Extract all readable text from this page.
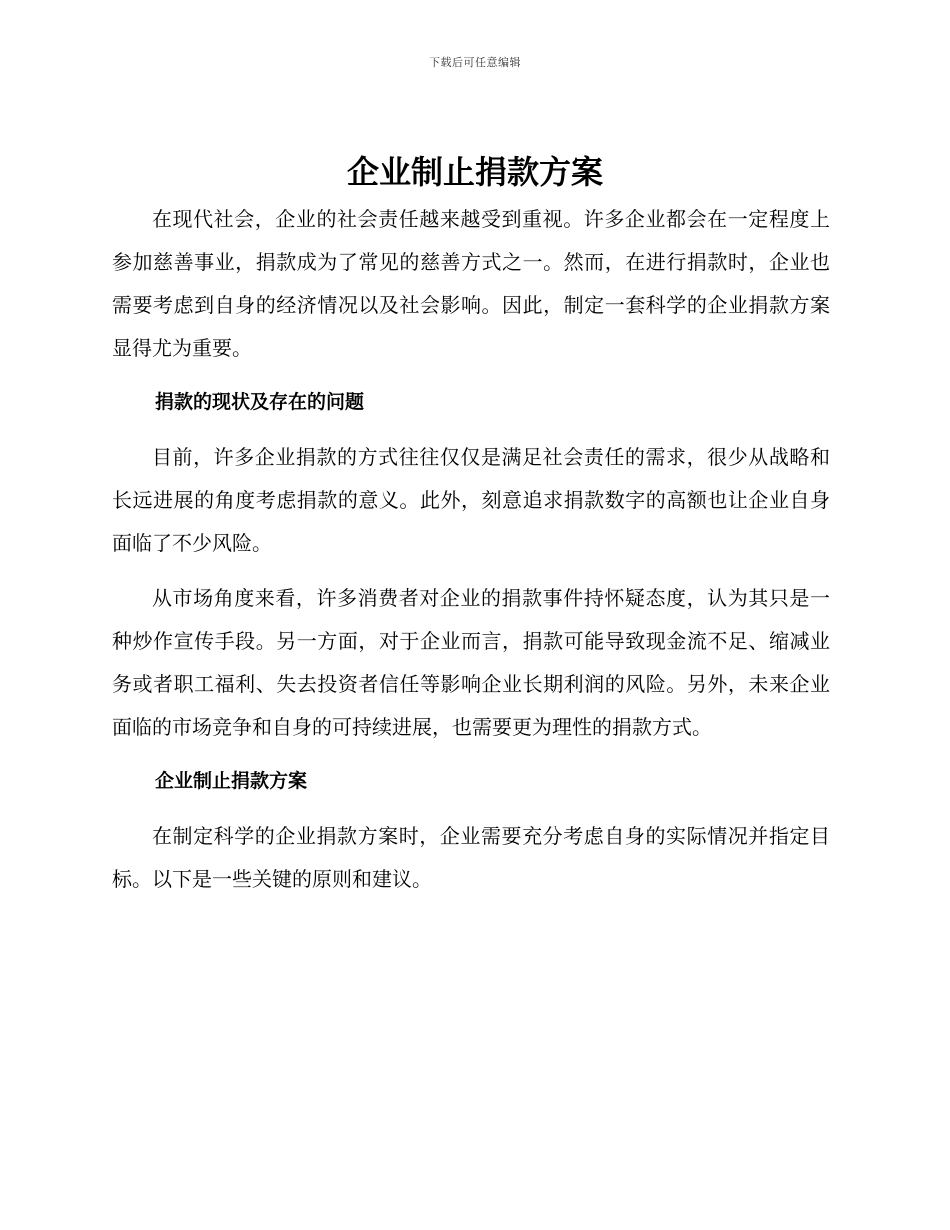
下载后可任意编辑
企业制止捐款方案

在现代社会，企业的社会责任越来越受到重视。许多企业都会在一定程度上参加慈善事业，捐款成为了常见的慈善方式之一。然而，在进行捐款时，企业也需要考虑到自身的经济情况以及社会影响。因此，制定一套科学的企业捐款方案显得尤为重要。

捐款的现状及存在的问题

目前，许多企业捐款的方式往往仅仅是满足社会责任的需求，很少从战略和长远进展的角度考虑捐款的意义。此外，刻意追求捐款数字的高额也让企业自身面临了不少风险。

从市场角度来看，许多消费者对企业的捐款事件持怀疑态度，认为其只是一种炒作宣传手段。另一方面，对于企业而言，捐款可能导致现金流不足、缩减业务或者职工福利、失去投资者信任等影响企业长期利润的风险。另外，未来企业面临的市场竞争和自身的可持续进展，也需要更为理性的捐款方式。

企业制止捐款方案

在制定科学的企业捐款方案时，企业需要充分考虑自身的实际情况并指定目标。以下是一些关键的原则和建议。
